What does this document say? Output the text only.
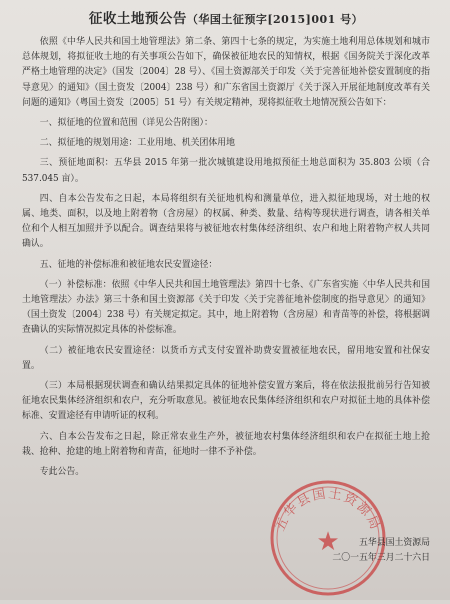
征收土地预公告（华国土征预字[2015]001 号）

依照《中华人民共和国土地管理法》第二条、第四十七条的规定，为实施土地利用总体规划和城市总体规划，将拟征收土地的有关事项公告如下，确保被征地农民的知情权，根据《国务院关于深化改革严格土地管理的决定》（国发〔2004〕28 号）、《国土资源部关于印发〈关于完善征地补偿安置制度的指导意见〉的通知》（国土资发〔2004〕238 号）和广东省国土资源厅《关于深入开展征地制度改革有关问题的通知》（粤国土资发〔2005〕51 号）有关规定精神，现将拟征收土地情况预公告如下：

一、拟征地的位置和范围（详见公告附图）：

二、拟征地的规划用途：工业用地、机关团体用地

三、预征地面积：五华县 2015 年第一批次城镇建设用地拟预征土地总面积为 35.803 公顷（合 537.045 亩）。

四、自本公告发布之日起，本局将组织有关征地机构和测量单位，进入拟征地现场，对土地的权属、地类、面积，以及地上附着物（含房屋）的权属、种类、数量、结构等现状进行调查，请各相关单位和个人相互加照并予以配合。调查结果将与被征地农村集体经济组织、农户和地上附着物产权人共同确认。

五、征地的补偿标准和被征地农民安置途径：

（一）补偿标准：依照《中华人民共和国土地管理法》第四十七条、《广东省实施〈中华人民共和国土地管理法〉办法》第三十条和国土资源部《关于印发〈关于完善征地补偿制度的指导意见〉的通知》（国土资发〔2004〕238 号）有关规定拟定。其中，地上附着物（含房屋）和青苗等的补偿，将根据调查确认的实际情况拟定具体的补偿标准。

（二）被征地农民安置途径：以货币方式支付安置补助费安置被征地农民，留用地安置和社保安置。

（三）本局根据现状调查和确认结果拟定具体的征地补偿安置方案后，将在依法报批前另行告知被征地农民集体经济组织和农户，充分听取意见。被征地农民集体经济组织和农户对拟征土地的具体补偿标准、安置途径有申请听证的权利。

六、自本公告发布之日起，除正常农业生产外，被征地农村集体经济组织和农户在拟征土地上抢栽、抢种、抢建的地上附着物和青苗，征地时一律不予补偿。

专此公告。

五华县国土资源局
★	五华县国土资源局
二〇一五年三月二十六日
